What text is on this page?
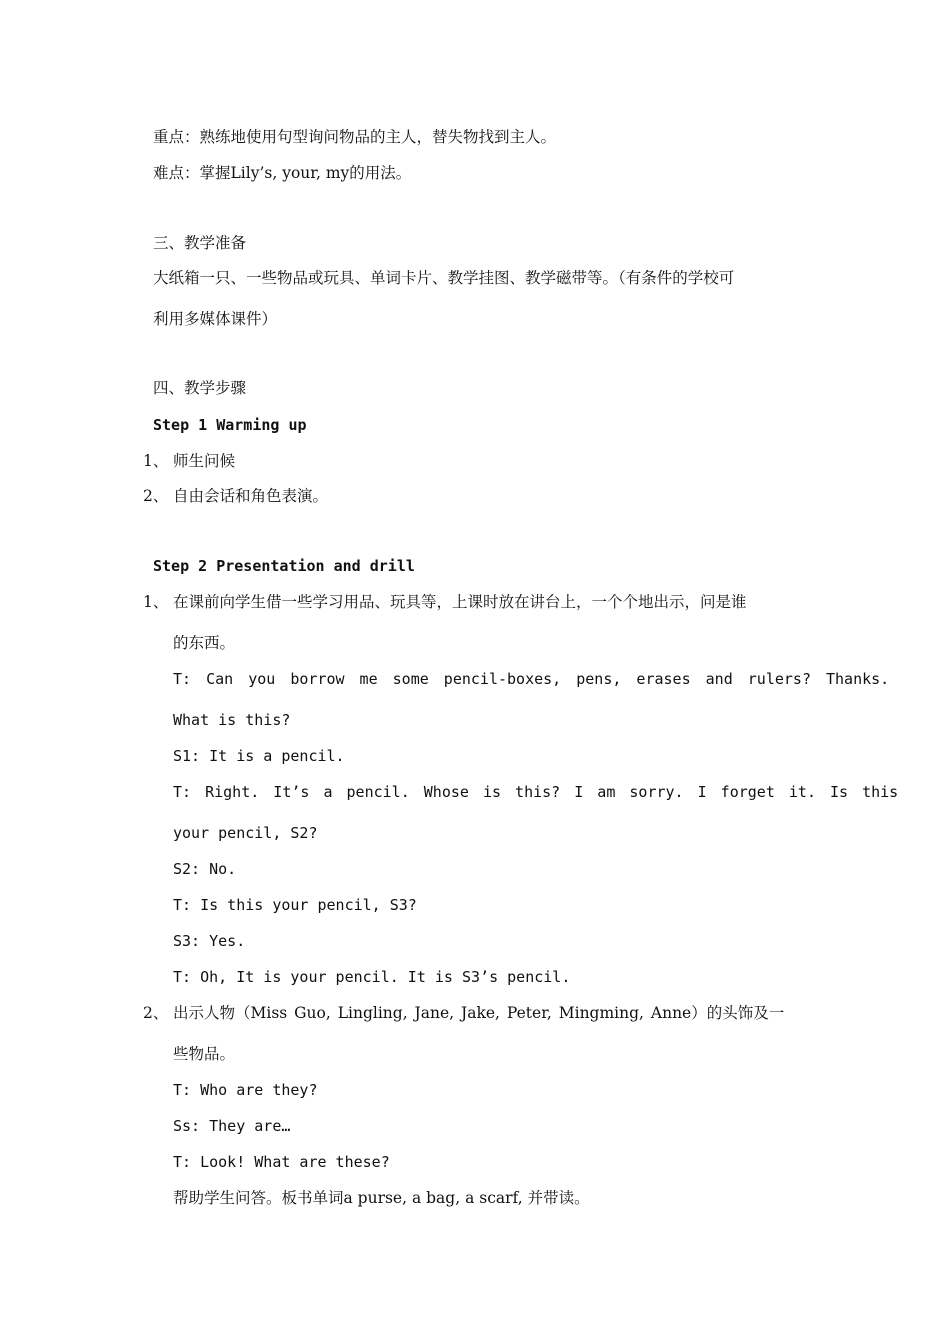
重点：熟练地使用句型询问物品的主人，替失物找到主人。
难点：掌握Lily’s, your, my的用法。
三、教学准备
大纸箱一只、一些物品或玩具、单词卡片、教学挂图、教学磁带等。（有条件的学校可
利用多媒体课件）
四、教学步骤
Step 1 Warming up
1、 师生问候
2、 自由会话和角色表演。
Step 2 Presentation and drill
1、 在课前向学生借一些学习用品、玩具等，上课时放在讲台上，一个个地出示，问是谁
的东西。
T: Can you borrow me some pencil-boxes, pens, erases and rulers? Thanks.
What is this?
S1: It is a pencil.
T: Right. It’s a pencil. Whose is this? I am sorry. I forget it. Is this
your pencil, S2?
S2: No.
T: Is this your pencil, S3?
S3: Yes.
T: Oh, It is your pencil. It is S3’s pencil.
2、 出示人物（Miss Guo, Lingling, Jane, Jake, Peter, Mingming, Anne）的头饰及一
些物品。
T: Who are they?
Ss: They are…
T: Look! What are these?
帮助学生问答。板书单词a purse, a bag, a scarf, 并带读。
